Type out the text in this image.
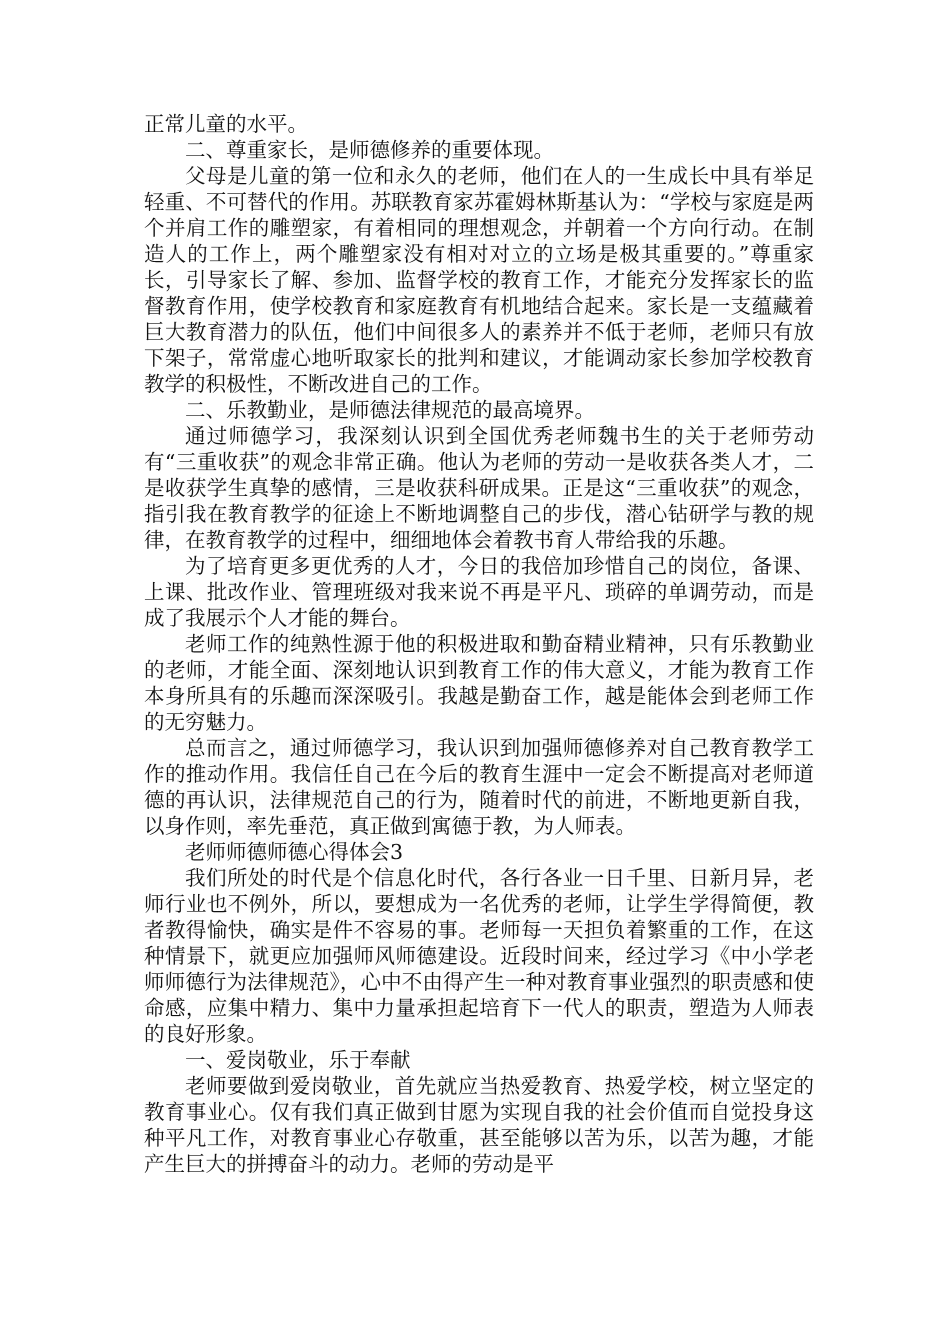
正常儿童的水平。

二、尊重家长，是师德修养的重要体现。

父母是儿童的第一位和永久的老师，他们在人的一生成长中具有举足轻重、不可替代的作用。苏联教育家苏霍姆林斯基认为：“学校与家庭是两个并肩工作的雕塑家，有着相同的理想观念，并朝着一个方向行动。在制造人的工作上，两个雕塑家没有相对对立的立场是极其重要的。”尊重家长，引导家长了解、参加、监督学校的教育工作，才能充分发挥家长的监督教育作用，使学校教育和家庭教育有机地结合起来。家长是一支蕴藏着巨大教育潜力的队伍，他们中间很多人的素养并不低于老师，老师只有放下架子，常常虚心地听取家长的批判和建议，才能调动家长参加学校教育教学的积极性，不断改进自己的工作。

二、乐教勤业，是师德法律规范的最高境界。

通过师德学习，我深刻认识到全国优秀老师魏书生的关于老师劳动有“三重收获”的观念非常正确。他认为老师的劳动一是收获各类人才，二是收获学生真挚的感情，三是收获科研成果。正是这“三重收获”的观念，指引我在教育教学的征途上不断地调整自己的步伐，潜心钻研学与教的规律，在教育教学的过程中，细细地体会着教书育人带给我的乐趣。

为了培育更多更优秀的人才，今日的我倍加珍惜自己的岗位，备课、上课、批改作业、管理班级对我来说不再是平凡、琐碎的单调劳动，而是成了我展示个人才能的舞台。

老师工作的纯熟性源于他的积极进取和勤奋精业精神，只有乐教勤业的老师，才能全面、深刻地认识到教育工作的伟大意义，才能为教育工作本身所具有的乐趣而深深吸引。我越是勤奋工作，越是能体会到老师工作的无穷魅力。

总而言之，通过师德学习，我认识到加强师德修养对自己教育教学工作的推动作用。我信任自己在今后的教育生涯中一定会不断提高对老师道德的再认识，法律规范自己的行为，随着时代的前进，不断地更新自我，以身作则，率先垂范，真正做到寓德于教，为人师表。

老师师德师德心得体会3

我们所处的时代是个信息化时代，各行各业一日千里、日新月异，老师行业也不例外，所以，要想成为一名优秀的老师，让学生学得简便，教者教得愉快，确实是件不容易的事。老师每一天担负着繁重的工作，在这种情景下，就更应加强师风师德建设。近段时间来，经过学习《中小学老师师德行为法律规范》，心中不由得产生一种对教育事业强烈的职责感和使命感，应集中精力、集中力量承担起培育下一代人的职责，塑造为人师表的良好形象。

一、爱岗敬业，乐于奉献

老师要做到爱岗敬业，首先就应当热爱教育、热爱学校，树立坚定的教育事业心。仅有我们真正做到甘愿为实现自我的社会价值而自觉投身这种平凡工作，对教育事业心存敬重，甚至能够以苦为乐，以苦为趣，才能产生巨大的拼搏奋斗的动力。老师的劳动是平
